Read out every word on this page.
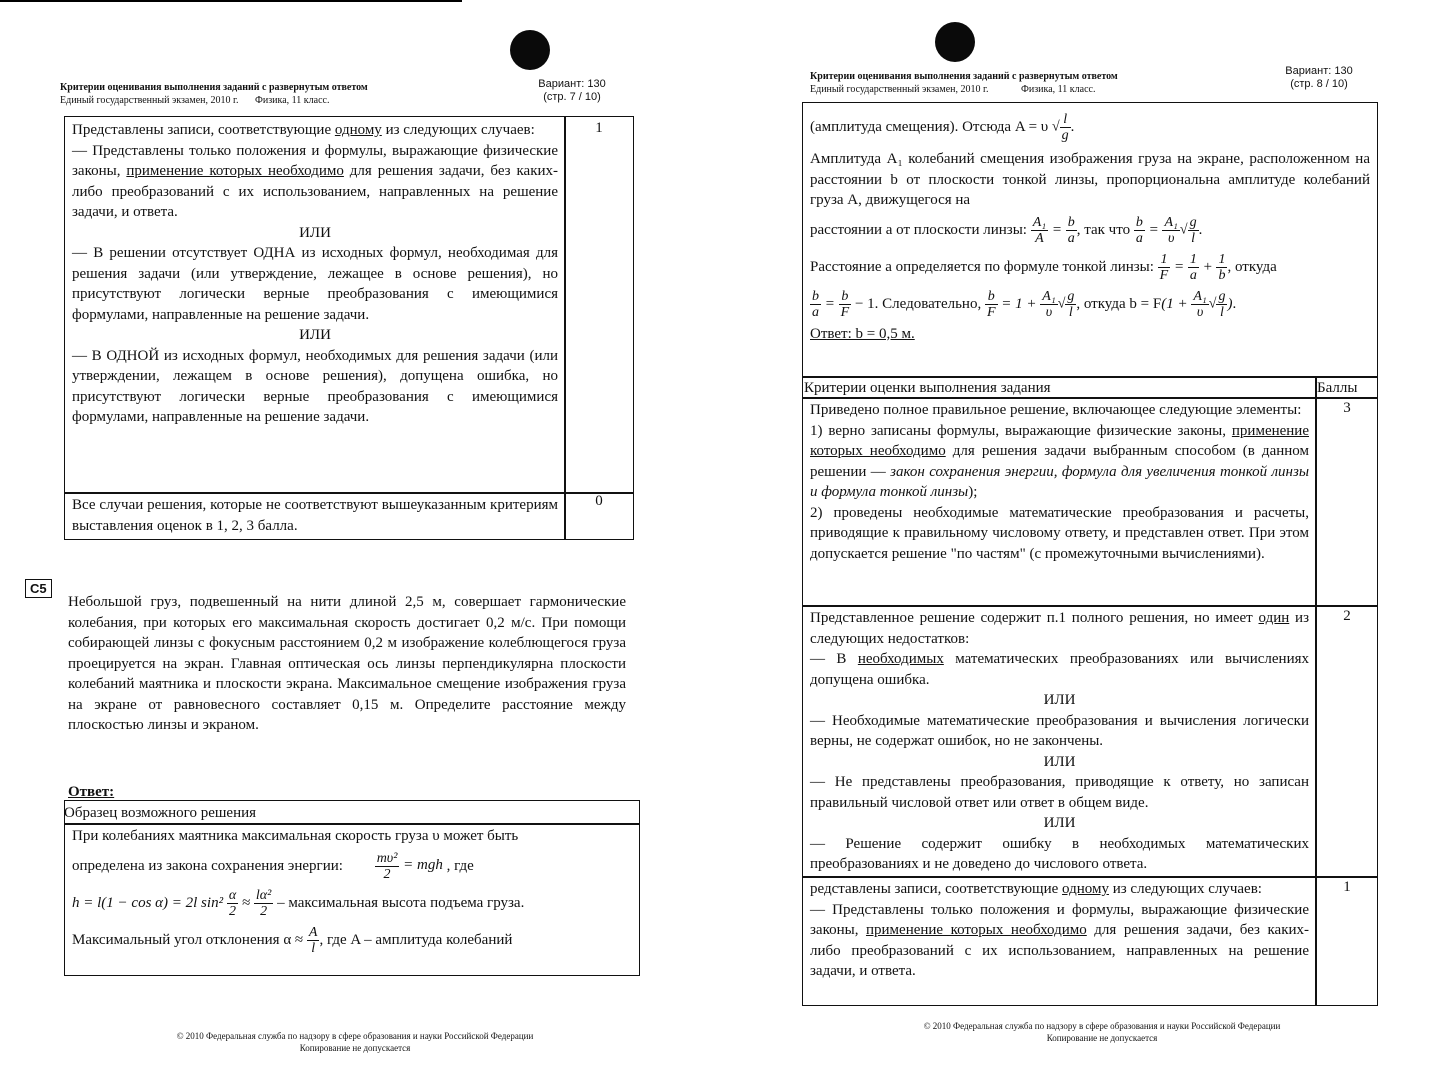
Критерии оценивания выполнения заданий с развернутым ответом
Единый государственный экзамен, 2010 г. Физика, 11 класс.
Вариант: 130
(стр. 7 / 10)
Представлены записи, соответствующие одному из следующих случаев:
— Представлены только положения и формулы, выражающие физические законы, применение которых необходимо для решения задачи, без каких-либо преобразований с их использованием, направленных на решение задачи, и ответа.
ИЛИ
— В решении отсутствует ОДНА из исходных формул, необходимая для решения задачи (или утверждение, лежащее в основе решения), но присутствуют логически верные преобразования с имеющимися формулами, направленные на решение задачи.
ИЛИ
— В ОДНОЙ из исходных формул, необходимых для решения задачи (или утверждении, лежащем в основе решения), допущена ошибка, но присутствуют логически верные преобразования с имеющимися формулами, направленные на решение задачи.
1
Все случаи решения, которые не соответствуют вышеуказанным критериям выставления оценок в 1, 2, 3 балла.
0
C5
Небольшой груз, подвешенный на нити длиной 2,5 м, совершает гармонические колебания, при которых его максимальная скорость достигает 0,2 м/с. При помощи собирающей линзы с фокусным расстоянием 0,2 м изображение колеблющегося груза проецируется на экран. Главная оптическая ось линзы перпендикулярна плоскости колебаний маятника и плоскости экрана. Максимальное смещение изображения груза на экране от равновесного составляет 0,15 м. Определите расстояние между плоскостью линзы и экраном.
Ответ:
Образец возможного решения
При колебаниях маятника максимальная скорость груза υ может быть
определена из закона сохранения энергии: $\frac{\text{mυ²}}{2}$ = mgh , где
h = l(1 − cos α) = 2l $\sin^2 \frac{\alpha}{2} \approx \frac{\text{lα²}}{2}$ – максимальная высота подъема груза.
Максимальный угол отклонения $\alpha \approx \frac{A}{l}$ , где A – амплитуда колебаний
© 2010 Федеральная служба по надзору в сфере образования и науки Российской Федерации
Копирование не допускается
Критерии оценивания выполнения заданий с развернутым ответом
Единый государственный экзамен, 2010 г.	Физика, 11 класс.
Вариант: 130
(стр. 8 / 10)
(амплитуда смещения). Отсюда A = υ √ $\frac{l}{g}$ .
Амплитуда A₁ колебаний смещения изображения груза на экране, расположенном на расстоянии b от плоскости тонкой линзы, пропорциональна амплитуде колебаний груза A, движущегося на
расстоянии a от плоскости линзы: $\frac{\text{A₁}}{A} = \frac{b}{a}$ , так что $\frac{b}{a} = \frac{\text{A₁}}{\upsilon}$ √ $\frac{g}{l}$ .
Расстояние a определяется по формуле тонкой линзы: $\frac{1}{F} = \frac{1}{a} + \frac{1}{b}$ , откуда
$\frac{b}{a} = \frac{b}{F} - 1$. Следовательно, $\frac{b}{F} = 1 + \frac{\text{A₁}}{\upsilon}$ √ $\frac{g}{l}$ , откуда $b = F(1 + \frac{\text{A₁}}{\upsilon}$ √ $\frac{g}{l}$ ).
Ответ: b = 0,5 м.
Критерии оценки выполнения задания	Баллы
Приведено полное правильное решение, включающее следующие элементы:
1) верно записаны формулы, выражающие физические законы, применение которых необходимо для решения задачи выбранным способом (в данном решении — закон сохранения энергии, формула для увеличения тонкой линзы и формула тонкой линзы);
2) проведены необходимые математические преобразования и расчеты, приводящие к правильному числовому ответу, и представлен ответ. При этом допускается решение "по частям" (с промежуточными вычислениями).
3
Представленное решение содержит п.1 полного решения, но имеет один из следующих недостатков:
— В необходимых математических преобразованиях или вычислениях допущена ошибка.
ИЛИ
— Необходимые математические преобразования и вычисления логически верны, не содержат ошибок, но не закончены.
ИЛИ
— Не представлены преобразования, приводящие к ответу, но записан правильный числовой ответ или ответ в общем виде.
ИЛИ
— Решение содержит ошибку в необходимых математических преобразованиях и не доведено до числового ответа.
2
редставлены записи, соответствующие одному из следующих случаев:
— Представлены только положения и формулы, выражающие физические законы, применение которых необходимо для решения задачи, без каких-либо преобразований с их использованием, направленных на решение задачи, и ответа.
1
© 2010 Федеральная служба по надзору в сфере образования и науки Российской Федерации
Копирование не допускается
